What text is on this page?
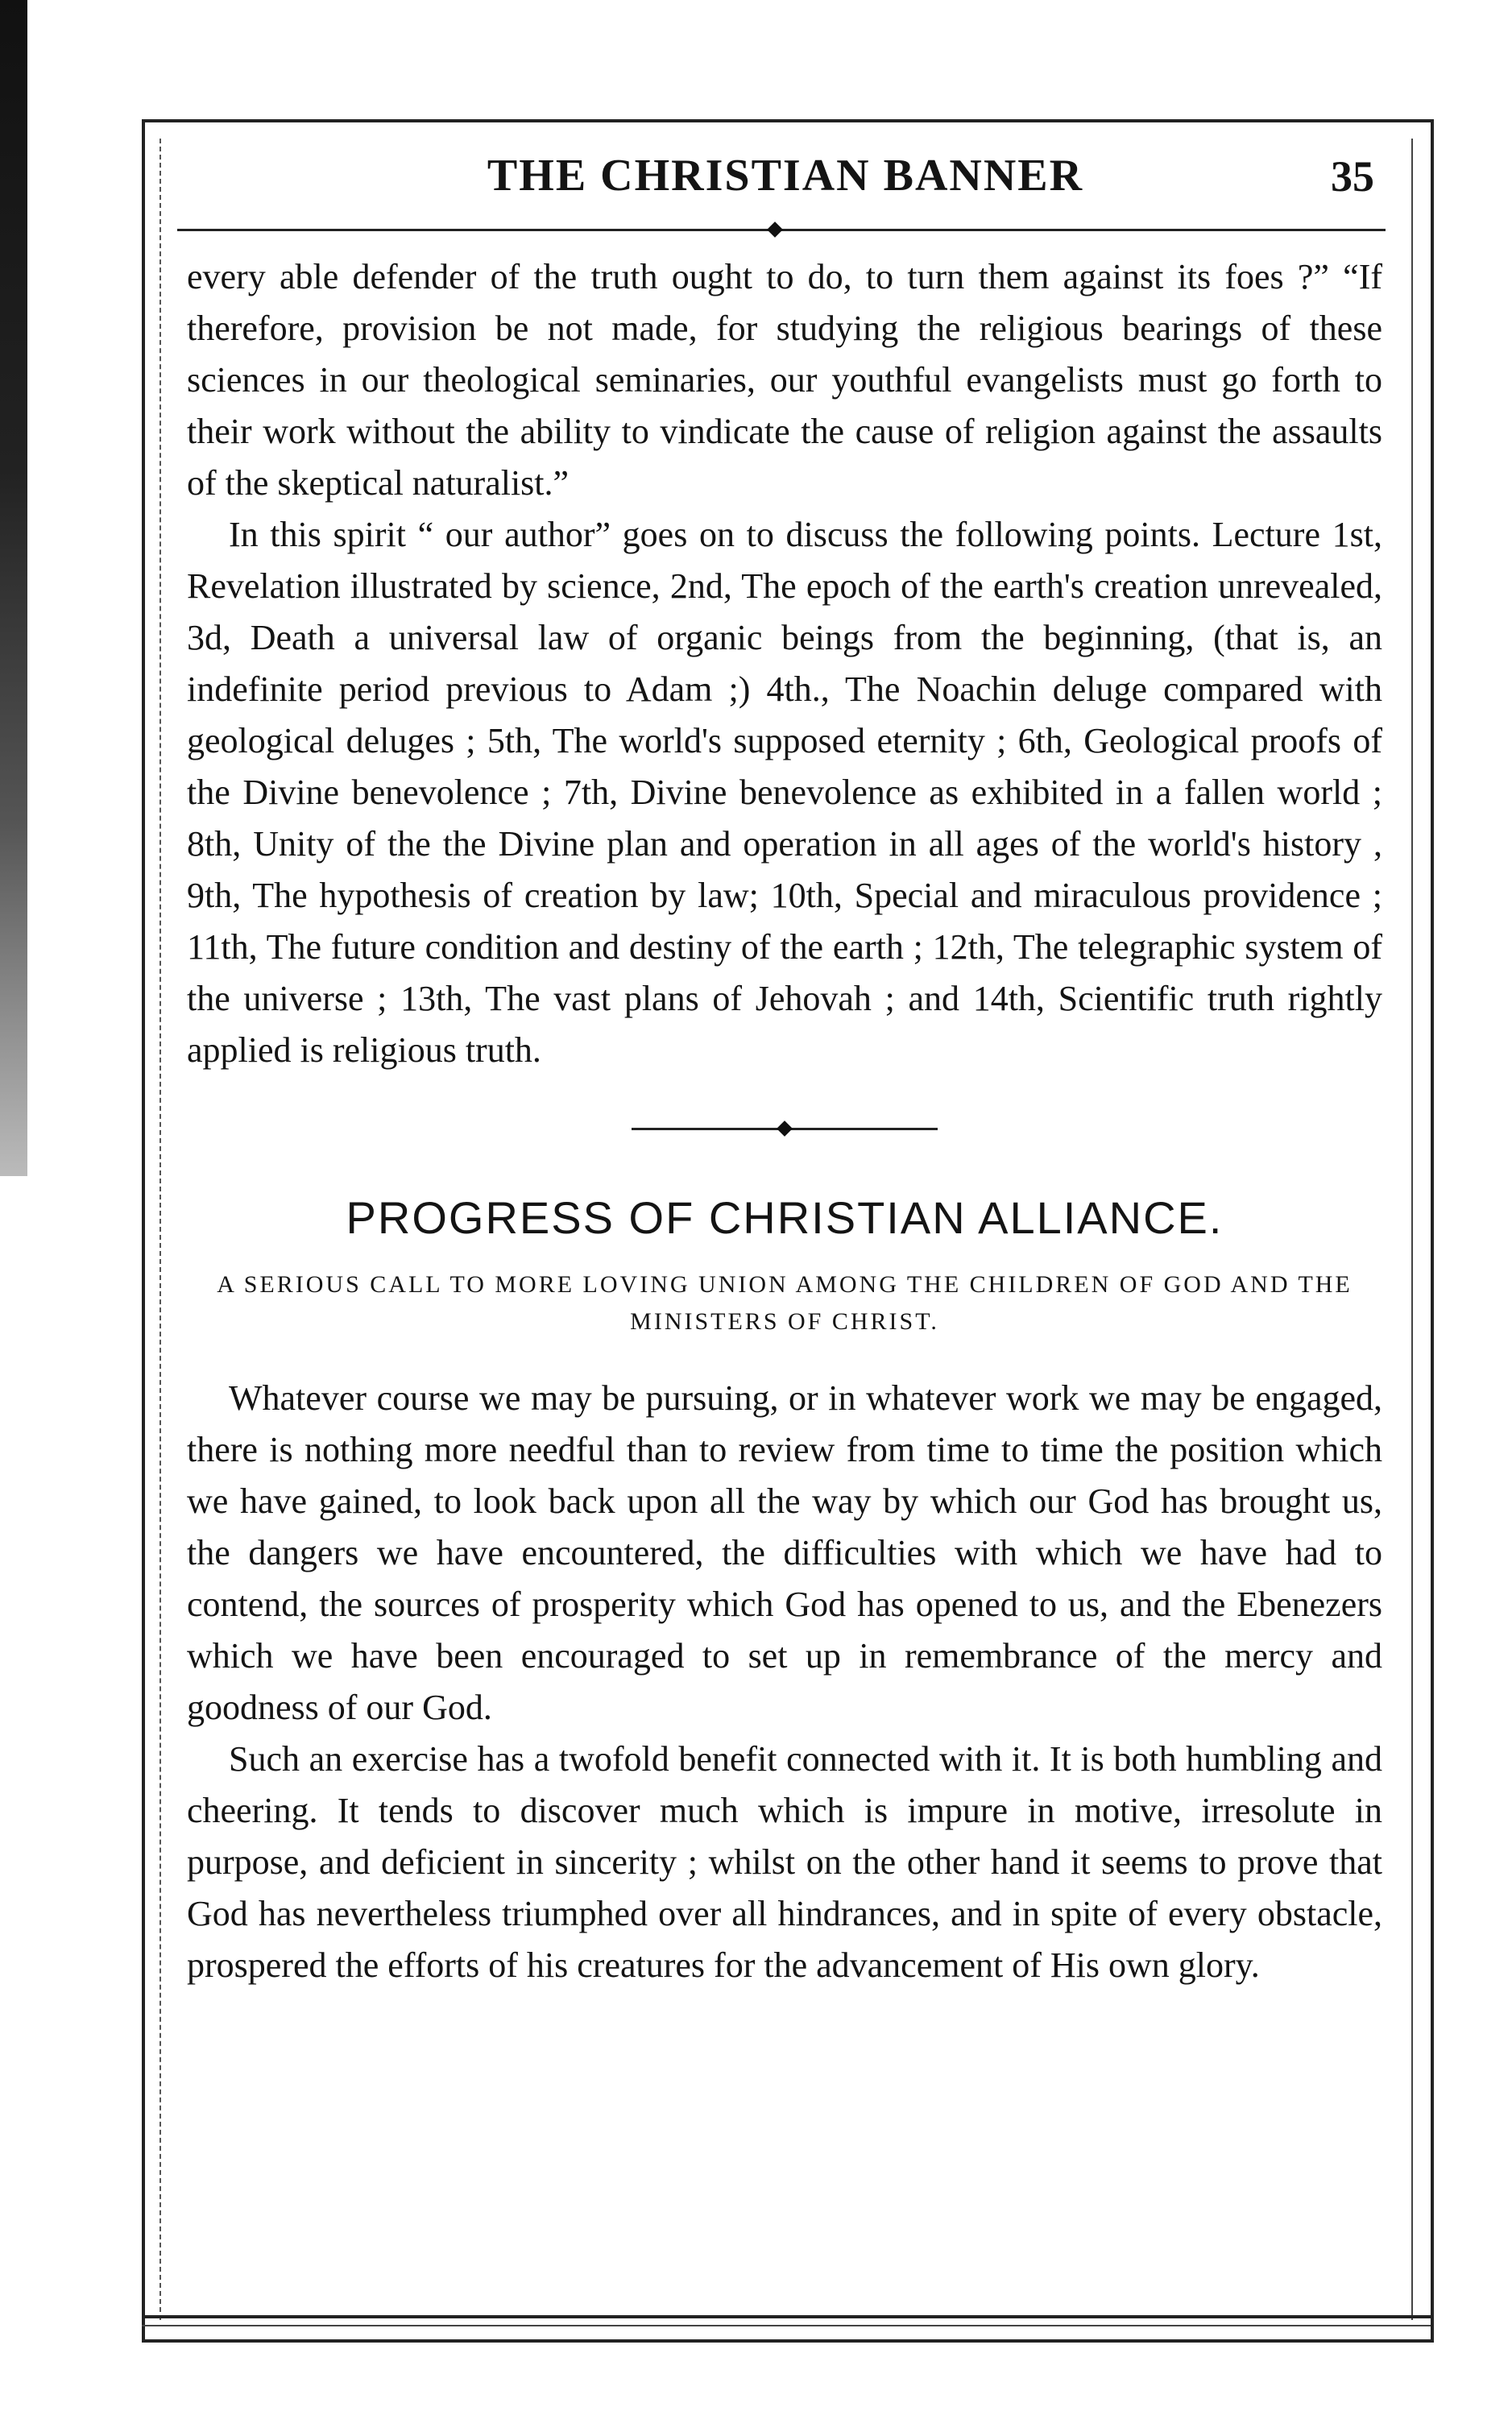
THE CHRISTIAN BANNER	35

every able defender of the truth ought to do, to turn them against its foes ?” “If therefore, provision be not made, for studying the religious bearings of these sciences in our theological seminaries, our youthful evangelists must go forth to their work without the ability to vindicate the cause of religion against the assaults of the skeptical naturalist.”

In this spirit “ our author” goes on to discuss the following points. Lecture 1st, Revelation illustrated by science, 2nd, The epoch of the earth's creation unrevealed, 3d, Death a universal law of organic beings from the beginning, (that is, an indefinite period previous to Adam ;) 4th., The Noachin deluge compared with geological deluges ; 5th, The world's supposed eternity ; 6th, Geological proofs of the Divine benevolence ; 7th, Divine benevolence as exhibited in a fallen world ; 8th, Unity of the the Divine plan and operation in all ages of the world's history , 9th, The hypothesis of creation by law; 10th, Special and miraculous providence ; 11th, The future condition and destiny of the earth ; 12th, The telegraphic system of the universe ; 13th, The vast plans of Jehovah ; and 14th, Scientific truth rightly applied is religious truth.

PROGRESS OF CHRISTIAN ALLIANCE.
A SERIOUS CALL TO MORE LOVING UNION AMONG THE CHILDREN OF GOD AND THE MINISTERS OF CHRIST.

Whatever course we may be pursuing, or in whatever work we may be engaged, there is nothing more needful than to review from time to time the position which we have gained, to look back upon all the way by which our God has brought us, the dangers we have encountered, the difficulties with which we have had to contend, the sources of prosperity which God has opened to us, and the Ebenezers which we have been encouraged to set up in remembrance of the mercy and goodness of our God.

Such an exercise has a twofold benefit connected with it. It is both humbling and cheering. It tends to discover much which is impure in motive, irresolute in purpose, and deficient in sincerity ; whilst on the other hand it seems to prove that God has nevertheless triumphed over all hindrances, and in spite of every obstacle, prospered the efforts of his creatures for the advancement of His own glory.
